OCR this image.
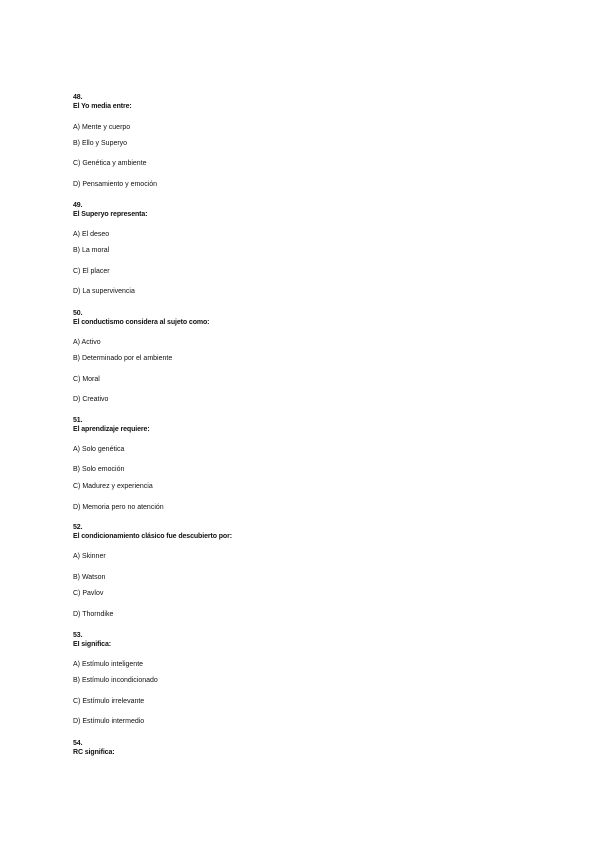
48.
El Yo media entre:
A) Mente y cuerpo
B) Ello y Superyo
C) Genética y ambiente
D) Pensamiento y emoción
49.
El Superyo representa:
A) El deseo
B) La moral
C) El placer
D) La supervivencia
50.
El conductismo considera al sujeto como:
A) Activo
B) Determinado por el ambiente
C) Moral
D) Creativo
51.
El aprendizaje requiere:
A) Solo genética
B) Solo emoción
C) Madurez y experiencia
D) Memoria pero no atención
52.
El condicionamiento clásico fue descubierto por:
A) Skinner
B) Watson
C) Pavlov
D) Thorndike
53.
EI significa:
A) Estímulo inteligente
B) Estímulo incondicionado
C) Estímulo irrelevante
D) Estímulo intermedio
54.
RC significa:
